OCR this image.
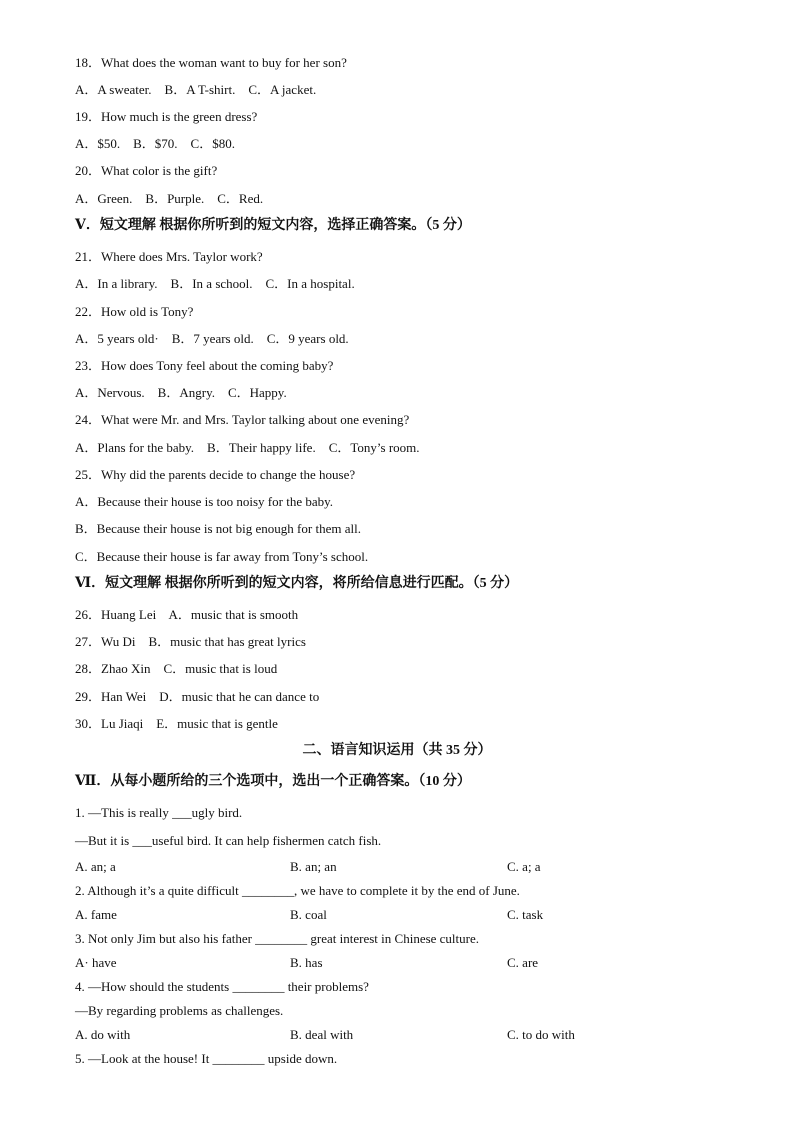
18．What does the woman want to buy for her son?
A．A sweater.    B．A T-shirt.    C．A jacket.
19．How much is the green dress?
A．$50.    B．$70.    C．$80.
20．What color is the gift?
A．Green.    B．Purple.    C．Red.
Ⅴ．短文理解 根据你所听到的短文内容，选择正确答案。（5 分）
21．Where does Mrs. Taylor work?
A．In a library.    B．In a school.    C．In a hospital.
22．How old is Tony?
A．5 years old·    B．7 years old.    C．9 years old.
23．How does Tony feel about the coming baby?
A．Nervous.    B．Angry.    C．Happy.
24．What were Mr. and Mrs. Taylor talking about one evening?
A．Plans for the baby.    B．Their happy life.    C．Tony’s room.
25．Why did the parents decide to change the house?
A．Because their house is too noisy for the baby.
B．Because their house is not big enough for them all.
C．Because their house is far away from Tony’s school.
Ⅵ．短文理解 根据你所听到的短文内容，将所给信息进行匹配。（5 分）
26．Huang Lei    A．music that is smooth
27．Wu Di    B．music that has great lyrics
28．Zhao Xin    C．music that is loud
29．Han Wei    D．music that he can dance to
30．Lu Jiaqi    E．music that is gentle
二、语言知识运用（共 35 分）
Ⅶ．从每小题所给的三个选项中，选出一个正确答案。（10 分）
1. —This is really ___ugly bird.
—But it is ___useful bird. It can help fishermen catch fish.
A. an; a	B. an; an	C. a; a
2. Although it’s a quite difficult ________, we have to complete it by the end of June.
A. fame	B. coal	C. task
3. Not only Jim but also his father ________ great interest in Chinese culture.
A· have	B. has	C. are
4. —How should the students ________ their problems?
—By regarding problems as challenges.
A. do with	B. deal with	C. to do with
5. —Look at the house! It ________ upside down.
